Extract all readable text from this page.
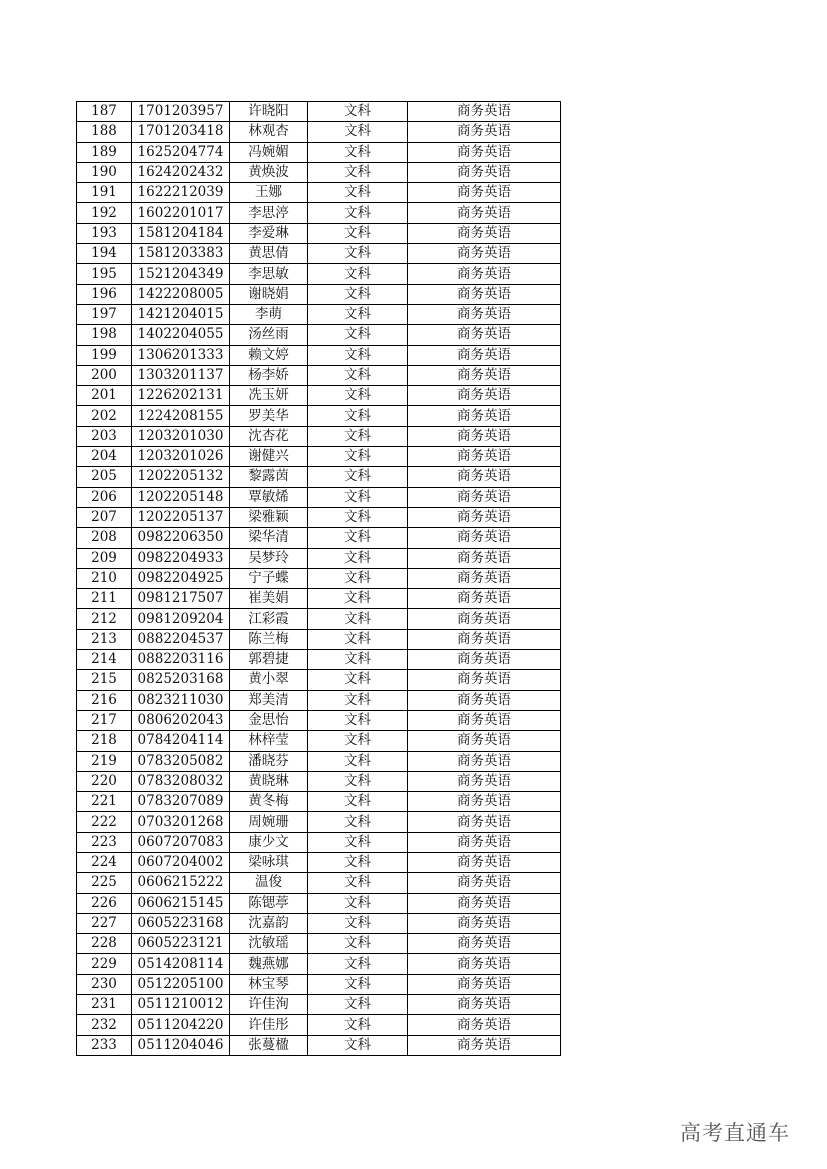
187	1701203957	许晓阳	文科	商务英语
188	1701203418	林观杏	文科	商务英语
189	1625204774	冯婉媚	文科	商务英语
190	1624202432	黄焕波	文科	商务英语
191	1622212039	王娜	文科	商务英语
192	1602201017	李思渟	文科	商务英语
193	1581204184	李爱琳	文科	商务英语
194	1581203383	黄思倩	文科	商务英语
195	1521204349	李思敏	文科	商务英语
196	1422208005	谢晓娟	文科	商务英语
197	1421204015	李萌	文科	商务英语
198	1402204055	汤丝雨	文科	商务英语
199	1306201333	赖文婷	文科	商务英语
200	1303201137	杨李娇	文科	商务英语
201	1226202131	冼玉妍	文科	商务英语
202	1224208155	罗美华	文科	商务英语
203	1203201030	沈杏花	文科	商务英语
204	1203201026	谢健兴	文科	商务英语
205	1202205132	黎露茵	文科	商务英语
206	1202205148	覃敏烯	文科	商务英语
207	1202205137	梁雅颖	文科	商务英语
208	0982206350	梁华清	文科	商务英语
209	0982204933	吴梦玲	文科	商务英语
210	0982204925	宁子蝶	文科	商务英语
211	0981217507	崔美娟	文科	商务英语
212	0981209204	江彩霞	文科	商务英语
213	0882204537	陈兰梅	文科	商务英语
214	0882203116	郭碧捷	文科	商务英语
215	0825203168	黄小翠	文科	商务英语
216	0823211030	郑美清	文科	商务英语
217	0806202043	金思怡	文科	商务英语
218	0784204114	林梓莹	文科	商务英语
219	0783205082	潘晓芬	文科	商务英语
220	0783208032	黄晓琳	文科	商务英语
221	0783207089	黄冬梅	文科	商务英语
222	0703201268	周婉珊	文科	商务英语
223	0607207083	康少文	文科	商务英语
224	0607204002	梁咏琪	文科	商务英语
225	0606215222	温俊	文科	商务英语
226	0606215145	陈锶葶	文科	商务英语
227	0605223168	沈嘉韵	文科	商务英语
228	0605223121	沈敏瑶	文科	商务英语
229	0514208114	魏燕娜	文科	商务英语
230	0512205100	林宝琴	文科	商务英语
231	0511210012	许佳洵	文科	商务英语
232	0511204220	许佳彤	文科	商务英语
233	0511204046	张蔓楹	文科	商务英语
高考直通车
